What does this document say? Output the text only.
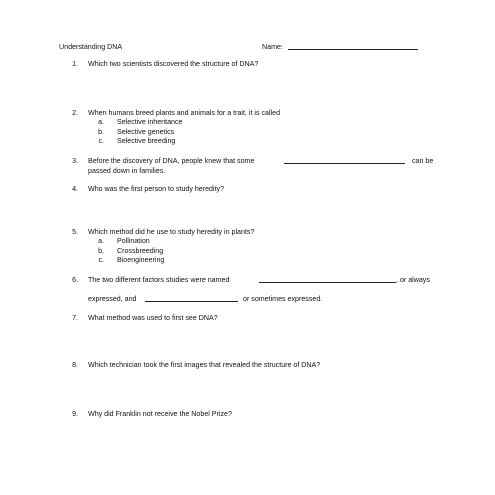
Understanding DNA	Name:
1. Which two scientists discovered the structure of DNA?
2. When humans breed plants and animals for a trait, it is called
a. Selective inheritance
b. Selective genetics
c. Selective breeding
3. Before the discovery of DNA, people knew that some	can be
passed down in families.
4. Who was the first person to study heredity?
5. Which method did he use to study heredity in plants?
a. Pollination
b. Crossbreeding
c. Bioengineering
6. The two different factors studies were named	, or always
expressed, and	or sometimes expressed.
7. What method was used to first see DNA?
8. Which technician took the first images that revealed the structure of DNA?
9. Why did Franklin not receive the Nobel Prize?
